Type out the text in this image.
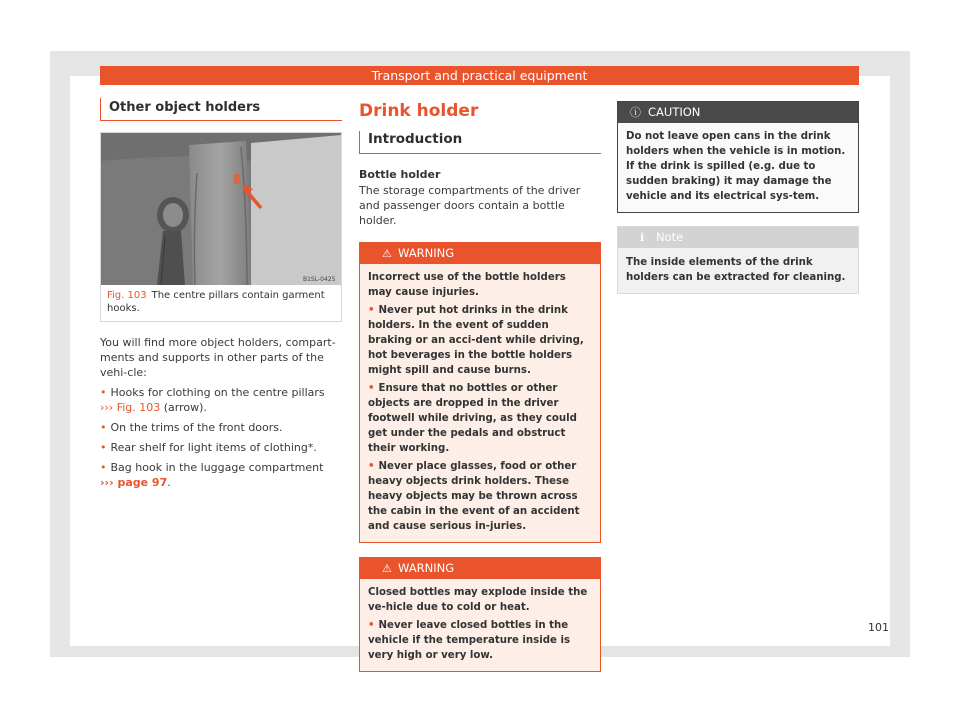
Transport and practical equipment
Other object holders
B1SL-0425
Fig. 103 The centre pillars contain garment hooks.
You will find more object holders, compart-ments and supports in other parts of the vehi-cle:
• Hooks for clothing on the centre pillars
››› Fig. 103 (arrow).
• On the trims of the front doors.
• Rear shelf for light items of clothing*.
• Bag hook in the luggage compartment
››› page 97.
Drink holder
Introduction
Bottle holder
The storage compartments of the driver and passenger doors contain a bottle holder.
⚠ WARNING
Incorrect use of the bottle holders may cause injuries.
• Never put hot drinks in the drink holders. In the event of sudden braking or an acci-dent while driving, hot beverages in the bottle holders might spill and cause burns.
• Ensure that no bottles or other objects are dropped in the driver footwell while driving, as they could get under the pedals and obstruct their working.
• Never place glasses, food or other heavy objects drink holders. These heavy objects may be thrown across the cabin in the event of an accident and cause serious in-juries.
⚠ WARNING
Closed bottles may explode inside the ve-hicle due to cold or heat.
• Never leave closed bottles in the vehicle if the temperature inside is very high or very low.
ⓘ CAUTION
Do not leave open cans in the drink holders when the vehicle is in motion. If the drink is spilled (e.g. due to sudden braking) it may damage the vehicle and its electrical sys-tem.
ℹ Note
The inside elements of the drink holders can be extracted for cleaning.
101
